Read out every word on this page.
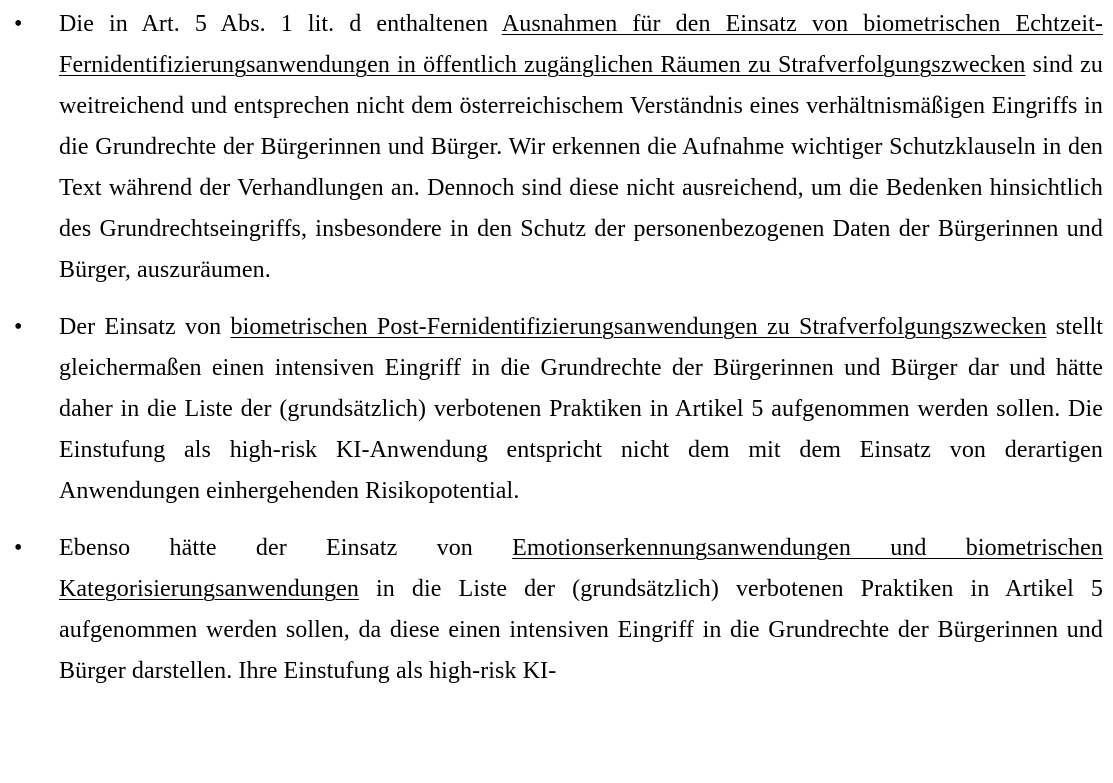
•	Die in Art. 5 Abs. 1 lit. d enthaltenen Ausnahmen für den Einsatz von biometrischen Echtzeit-Fernidentifizierungsanwendungen in öffentlich zugänglichen Räumen zu Strafverfolgungszwecken sind zu weitreichend und entsprechen nicht dem österreichischem Verständnis eines verhältnismäßigen Eingriffs in die Grundrechte der Bürgerinnen und Bürger. Wir erkennen die Aufnahme wichtiger Schutzklauseln in den Text während der Verhandlungen an. Dennoch sind diese nicht ausreichend, um die Bedenken hinsichtlich des Grundrechtseingriffs, insbesondere in den Schutz der personenbezogenen Daten der Bürgerinnen und Bürger, auszuräumen.

•	Der Einsatz von biometrischen Post-Fernidentifizierungsanwendungen zu Strafverfolgungszwecken stellt gleichermaßen einen intensiven Eingriff in die Grundrechte der Bürgerinnen und Bürger dar und hätte daher in die Liste der (grundsätzlich) verbotenen Praktiken in Artikel 5 aufgenommen werden sollen. Die Einstufung als high-risk KI-Anwendung entspricht nicht dem mit dem Einsatz von derartigen Anwendungen einhergehenden Risikopotential.

•	Ebenso hätte der Einsatz von Emotionserkennungsanwendungen und biometrischen Kategorisierungsanwendungen in die Liste der (grundsätzlich) verbotenen Praktiken in Artikel 5 aufgenommen werden sollen, da diese einen intensiven Eingriff in die Grundrechte der Bürgerinnen und Bürger darstellen. Ihre Einstufung als high-risk KI-
